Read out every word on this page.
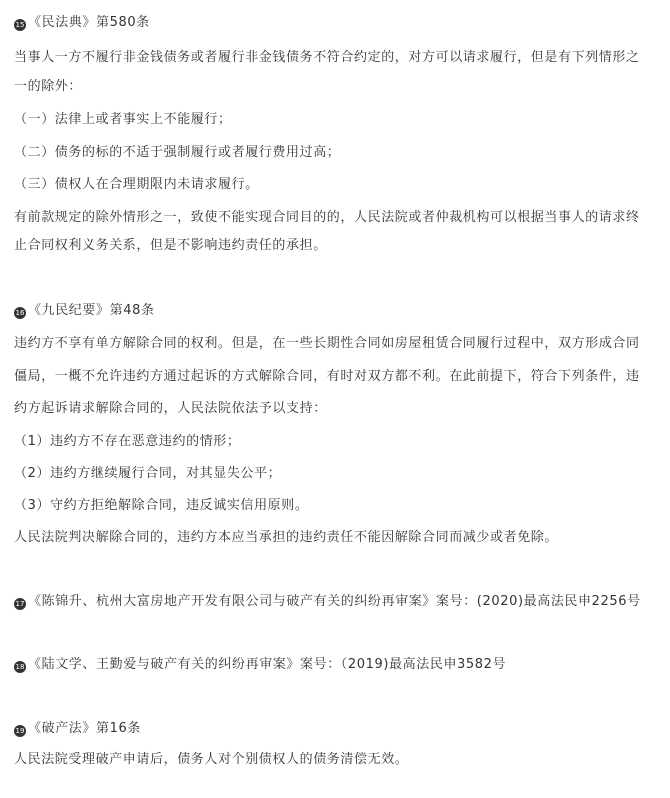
15 《民法典》第580条
当事人一方不履行非金钱债务或者履行非金钱债务不符合约定的，对方可以请求履行，但是有下列情形之
一的除外：
（一）法律上或者事实上不能履行；
（二）债务的标的不适于强制履行或者履行费用过高；
（三）债权人在合理期限内未请求履行。
有前款规定的除外情形之一，致使不能实现合同目的的，人民法院或者仲裁机构可以根据当事人的请求终
止合同权利义务关系，但是不影响违约责任的承担。
16 《九民纪要》第48条
违约方不享有单方解除合同的权利。但是，在一些长期性合同如房屋租赁合同履行过程中，双方形成合同
僵局，一概不允许违约方通过起诉的方式解除合同，有时对双方都不利。在此前提下，符合下列条件，违
约方起诉请求解除合同的，人民法院依法予以支持：
（1）违约方不存在恶意违约的情形；
（2）违约方继续履行合同，对其显失公平；
（3）守约方拒绝解除合同，违反诚实信用原则。
人民法院判决解除合同的，违约方本应当承担的违约责任不能因解除合同而减少或者免除。
17 《陈锦升、杭州大富房地产开发有限公司与破产有关的纠纷再审案》案号：(2020)最高法民申2256号
18 《陆文学、王勤爱与破产有关的纠纷再审案》案号：（2019)最高法民申3582号
19 《破产法》第16条
人民法院受理破产申请后，债务人对个别债权人的债务清偿无效。
